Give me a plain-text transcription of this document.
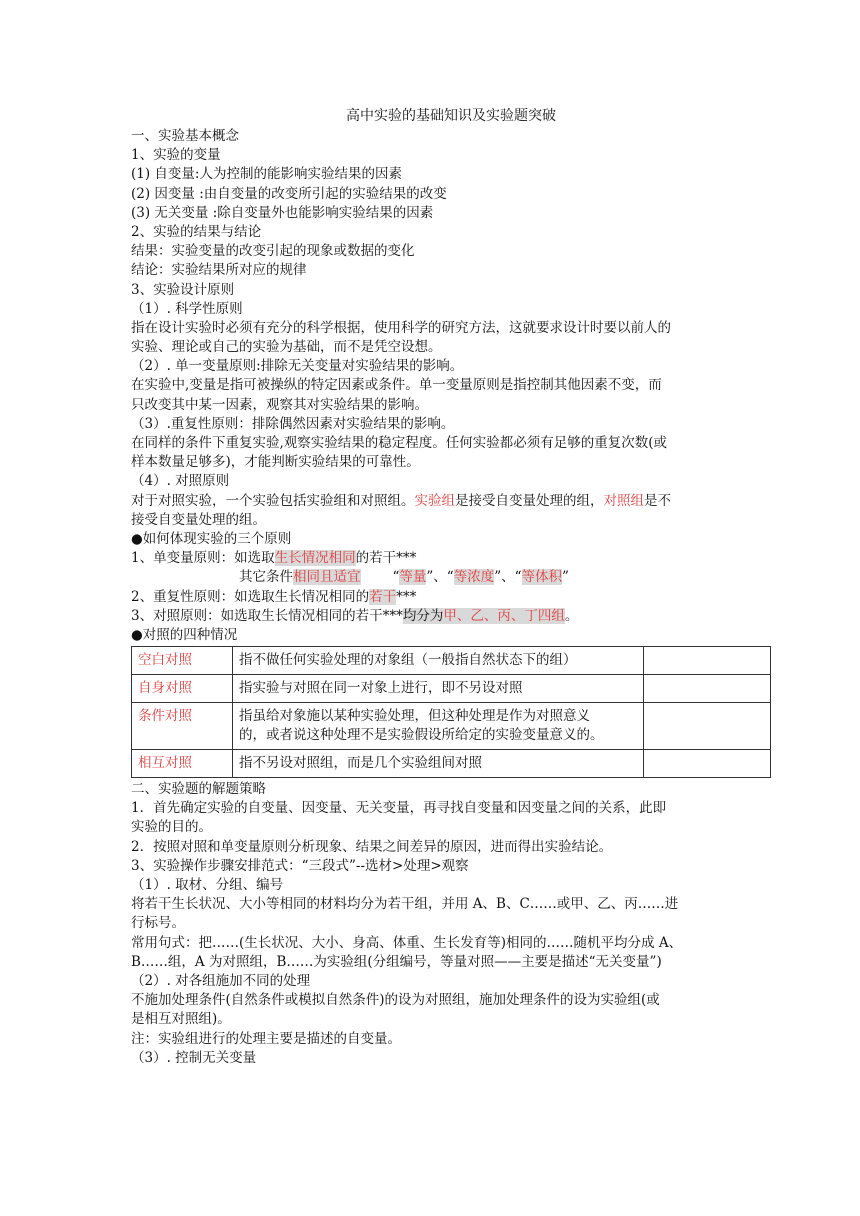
高中实验的基础知识及实验题突破
一、实验基本概念
1、实验的变量
(1) 自变量:人为控制的能影响实验结果的因素
(2) 因变量 :由自变量的改变所引起的实验结果的改变
(3) 无关变量 :除自变量外也能影响实验结果的因素
2、实验的结果与结论
结果：实验变量的改变引起的现象或数据的变化
结论：实验结果所对应的规律
3、实验设计原则
（1）. 科学性原则
指在设计实验时必须有充分的科学根据，使用科学的研究方法，这就要求设计时要以前人的
实验、理论或自己的实验为基础，而不是凭空设想。
（2）. 单一变量原则:排除无关变量对实验结果的影响。
在实验中,变量是指可被操纵的特定因素或条件。单一变量原则是指控制其他因素不变，而
只改变其中某一因素，观察其对实验结果的影响。
（3）.重复性原则：排除偶然因素对实验结果的影响。
在同样的条件下重复实验,观察实验结果的稳定程度。任何实验都必须有足够的重复次数(或
样本数量足够多)，才能判断实验结果的可靠性。
（4）. 对照原则
对于对照实验，一个实验包括实验组和对照组。实验组是接受自变量处理的组，对照组是不
接受自变量处理的组。
●如何体现实验的三个原则
1、单变量原则：如选取生长情况相同的若干***
其它条件相同且适宜 “等量”、“等浓度”、“等体积”
2、重复性原则：如选取生长情况相同的若干***
3、对照原则：如选取生长情况相同的若干***均分为甲、乙、丙、丁四组。
●对照的四种情况
空白对照	指不做任何实验处理的对象组（一般指自然状态下的组）	

自身对照	指实验与对照在同一对象上进行，即不另设对照	

条件对照	指虽给对象施以某种实验处理，但这种处理是作为对照意义
的，或者说这种处理不是实验假设所给定的实验变量意义的。	

相互对照	指不另设对照组，而是几个实验组间对照	

二、实验题的解题策略
1．首先确定实验的自变量、因变量、无关变量，再寻找自变量和因变量之间的关系，此即
实验的目的。
2．按照对照和单变量原则分析现象、结果之间差异的原因，进而得出实验结论。
3、实验操作步骤安排范式：“三段式”--选材>处理>观察
（1）. 取材、分组、编号
将若干生长状况、大小等相同的材料均分为若干组，并用 A、B、C……或甲、乙、丙……进
行标号。
常用句式：把……(生长状况、大小、身高、体重、生长发育等)相同的……随机平均分成 A、
B……组，A 为对照组，B……为实验组(分组编号，等量对照——主要是描述“无关变量”)
（2）. 对各组施加不同的处理
不施加处理条件(自然条件或模拟自然条件)的设为对照组，施加处理条件的设为实验组(或
是相互对照组)。
注：实验组进行的处理主要是描述的自变量。
（3）. 控制无关变量
